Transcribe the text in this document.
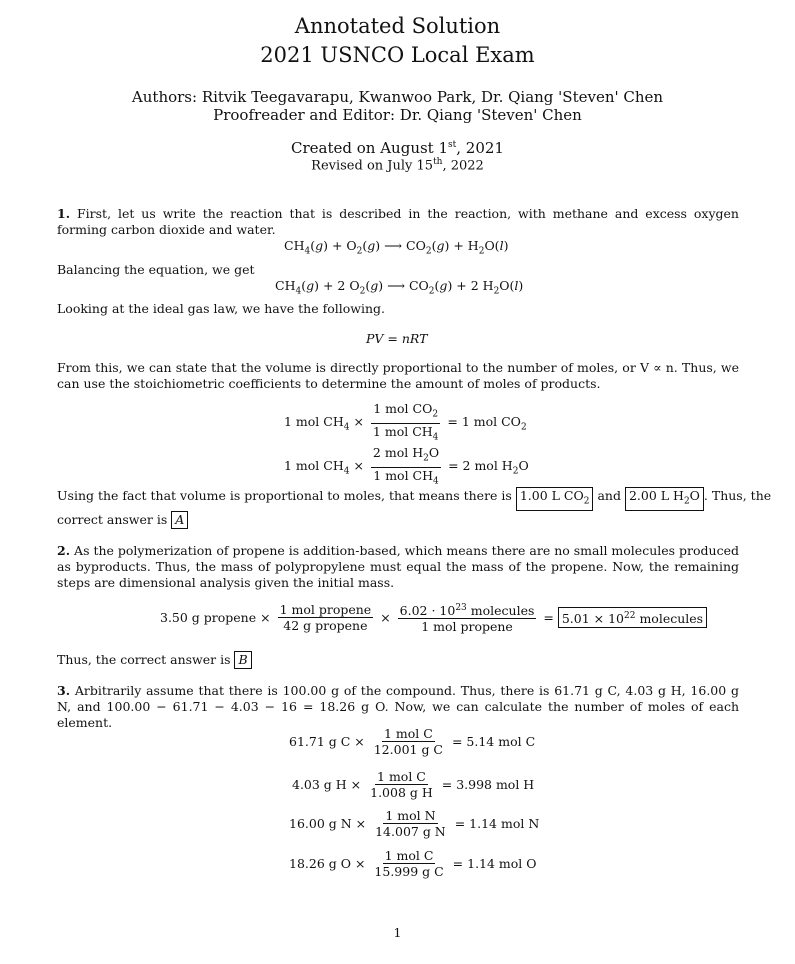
Annotated Solution
2021 USNCO Local Exam
Authors: Ritvik Teegavarapu, Kwanwoo Park, Dr. Qiang 'Steven' Chen
Proofreader and Editor: Dr. Qiang 'Steven' Chen
Created on August 1st, 2021
Revised on July 15th, 2022
1. First, let us write the reaction that is described in the reaction, with methane and excess oxygen forming carbon dioxide and water.
$CH_4(g) + O_2(g)$ ⟶ $CO_2(g) + H_2O(l)$
Balancing the equation, we get
$CH_4(g) + 2$ $O_2(g)$ ⟶ $CO_2(g) + 2$ $H_2O(l)$
Looking at the ideal gas law, we have the following.
PV = nRT
From this, we can state that the volume is directly proportional to the number of moles, or V ∝ n. Thus, we can use the stoichiometric coefficients to determine the amount of moles of products.
1 mol $CH_4 \times \frac{1 mol CO_2}{1 mol CH_4} = 1$ mol $CO_2$
1 mol $CH_4 \times \frac{2 mol H_2O}{1 mol CH_4} = 2$ mol $H_2O$
Using the fact that volume is proportional to moles, that means there is 1.00 L $CO_2$ and 2.00 L $H_2O$ . Thus, the
correct answer is A
2. As the polymerization of propene is addition-based, which means there are no small molecules produced as byproducts. Thus, the mass of polypropylene must equal the mass of the propene. Now, the remaining steps are dimensional analysis given the initial mass.
3.50 g propene × $\frac{\text{1 mol propene}}{\text{42 g propene}} \times \frac{6.02 \cdot 10^{23} molecules}{\text{1 mol propene}} = 5.01 \times 10^{22}$ molecules
Thus, the correct answer is B
3. Arbitrarily assume that there is 100.00 g of the compound. Thus, there is 61.71 g C, 4.03 g H, 16.00 g N, and 100.00 − 61.71 − 4.03 − 16 = 18.26 g O. Now, we can calculate the number of moles of each element.
61.71 g $C \times \frac{\text{1 mol C}}{\text{12.001 g C}} = 5.14$ mol C
4.03 g $H \times \frac{\text{1 mol C}}{\text{1.008 g H}} = 3.998$ mol H
16.00 g $N \times \frac{\text{1 mol N}}{\text{14.007 g N}} = 1.14$ mol N
18.26 g $O \times \frac{\text{1 mol C}}{\text{15.999 g C}} = 1.14$ mol O
1
